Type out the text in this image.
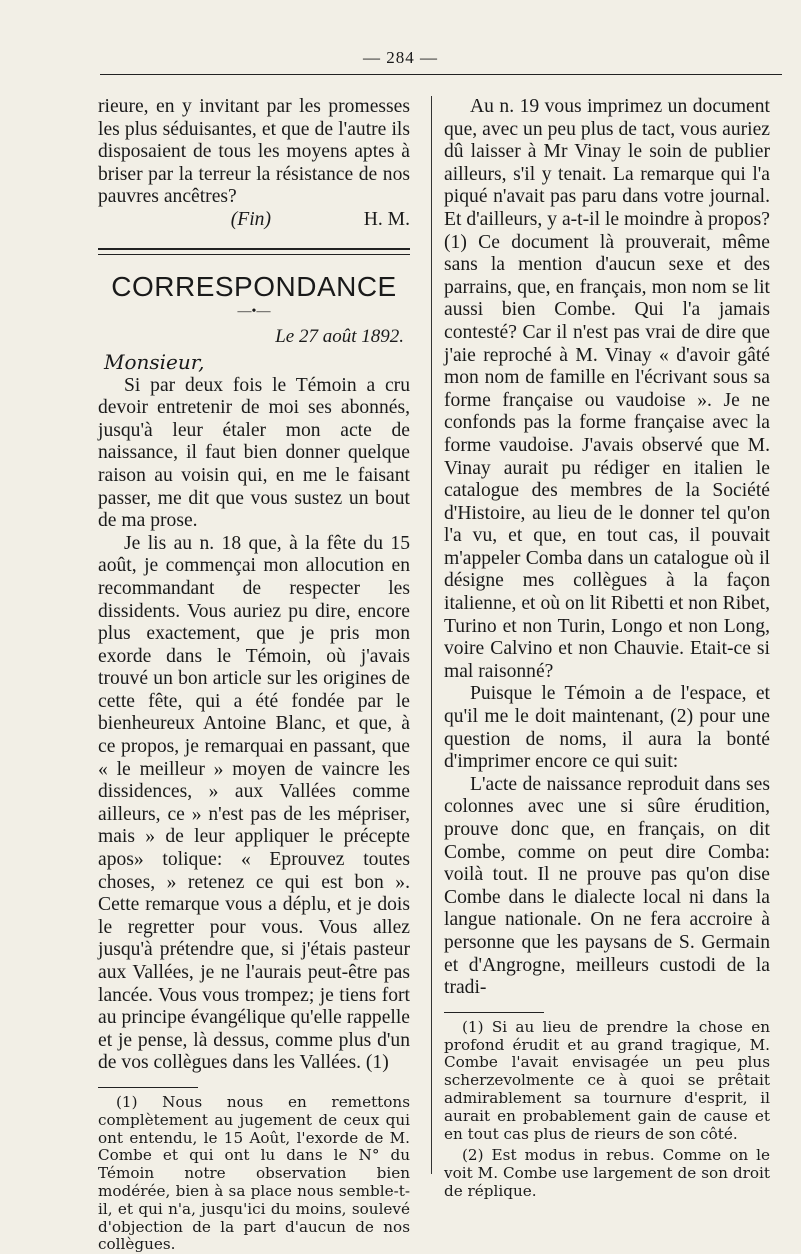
— 284 —

rieure, en y invitant par les promesses les plus séduisantes, et que de l'autre ils disposaient de tous les moyens aptes à briser par la terreur la résistance de nos pauvres ancêtres?

(Fin)	H. M.
CORRESPONDANCE
—•—
Le 27 août 1892.
Monsieur,

Si par deux fois le Témoin a cru devoir entretenir de moi ses abonnés, jusqu'à leur étaler mon acte de naissance, il faut bien donner quelque raison au voisin qui, en me le faisant passer, me dit que vous sustez un bout de ma prose.

Je lis au n. 18 que, à la fête du 15 août, je commençai mon allocution en recommandant de respecter les dissidents. Vous auriez pu dire, encore plus exactement, que je pris mon exorde dans le Témoin, où j'avais trouvé un bon article sur les origines de cette fête, qui a été fondée par le bienheureux Antoine Blanc, et que, à ce propos, je remarquai en passant, que « le meilleur » moyen de vaincre les dissidences, » aux Vallées comme ailleurs, ce » n'est pas de les mépriser, mais » de leur appliquer le précepte apos» tolique: « Eprouvez toutes choses, » retenez ce qui est bon ». Cette remarque vous a déplu, et je dois le regretter pour vous. Vous allez jusqu'à prétendre que, si j'étais pasteur aux Vallées, je ne l'aurais peut-être pas lancée. Vous vous trompez; je tiens fort au principe évangélique qu'elle rappelle et je pense, là dessus, comme plus d'un de vos collègues dans les Vallées. (1)

(1) Nous nous en remettons complètement au jugement de ceux qui ont entendu, le 15 Août, l'exorde de M. Combe et qui ont lu dans le N° du Témoin notre observation bien modérée, bien à sa place nous semble-t-il, et qui n'a, jusqu'ici du moins, soulevé d'objection de la part d'aucun de nos collègues.

Au n. 19 vous imprimez un document que, avec un peu plus de tact, vous auriez dû laisser à Mr Vinay le soin de publier ailleurs, s'il y tenait. La remarque qui l'a piqué n'avait pas paru dans votre journal. Et d'ailleurs, y a-t-il le moindre à propos? (1) Ce document là prouverait, même sans la mention d'aucun sexe et des parrains, que, en français, mon nom se lit aussi bien Combe. Qui l'a jamais contesté? Car il n'est pas vrai de dire que j'aie reproché à M. Vinay « d'avoir gâté mon nom de famille en l'écrivant sous sa forme française ou vaudoise ». Je ne confonds pas la forme française avec la forme vaudoise. J'avais observé que M. Vinay aurait pu rédiger en italien le catalogue des membres de la Société d'Histoire, au lieu de le donner tel qu'on l'a vu, et que, en tout cas, il pouvait m'appeler Comba dans un catalogue où il désigne mes collègues à la façon italienne, et où on lit Ribetti et non Ribet, Turino et non Turin, Longo et non Long, voire Calvino et non Chauvie. Etait-ce si mal raisonné?

Puisque le Témoin a de l'espace, et qu'il me le doit maintenant, (2) pour une question de noms, il aura la bonté d'imprimer encore ce qui suit:

L'acte de naissance reproduit dans ses colonnes avec une si sûre érudition, prouve donc que, en français, on dit Combe, comme on peut dire Comba: voilà tout. Il ne prouve pas qu'on dise Combe dans le dialecte local ni dans la langue nationale. On ne fera accroire à personne que les paysans de S. Germain et d'Angrogne, meilleurs custodi de la tradi-

(1) Si au lieu de prendre la chose en profond érudit et au grand tragique, M. Combe l'avait envisagée un peu plus scherzevolmente ce à quoi se prêtait admirablement sa tournure d'esprit, il aurait en probablement gain de cause et en tout cas plus de rieurs de son côté.

(2) Est modus in rebus. Comme on le voit M. Combe use largement de son droit de réplique.
